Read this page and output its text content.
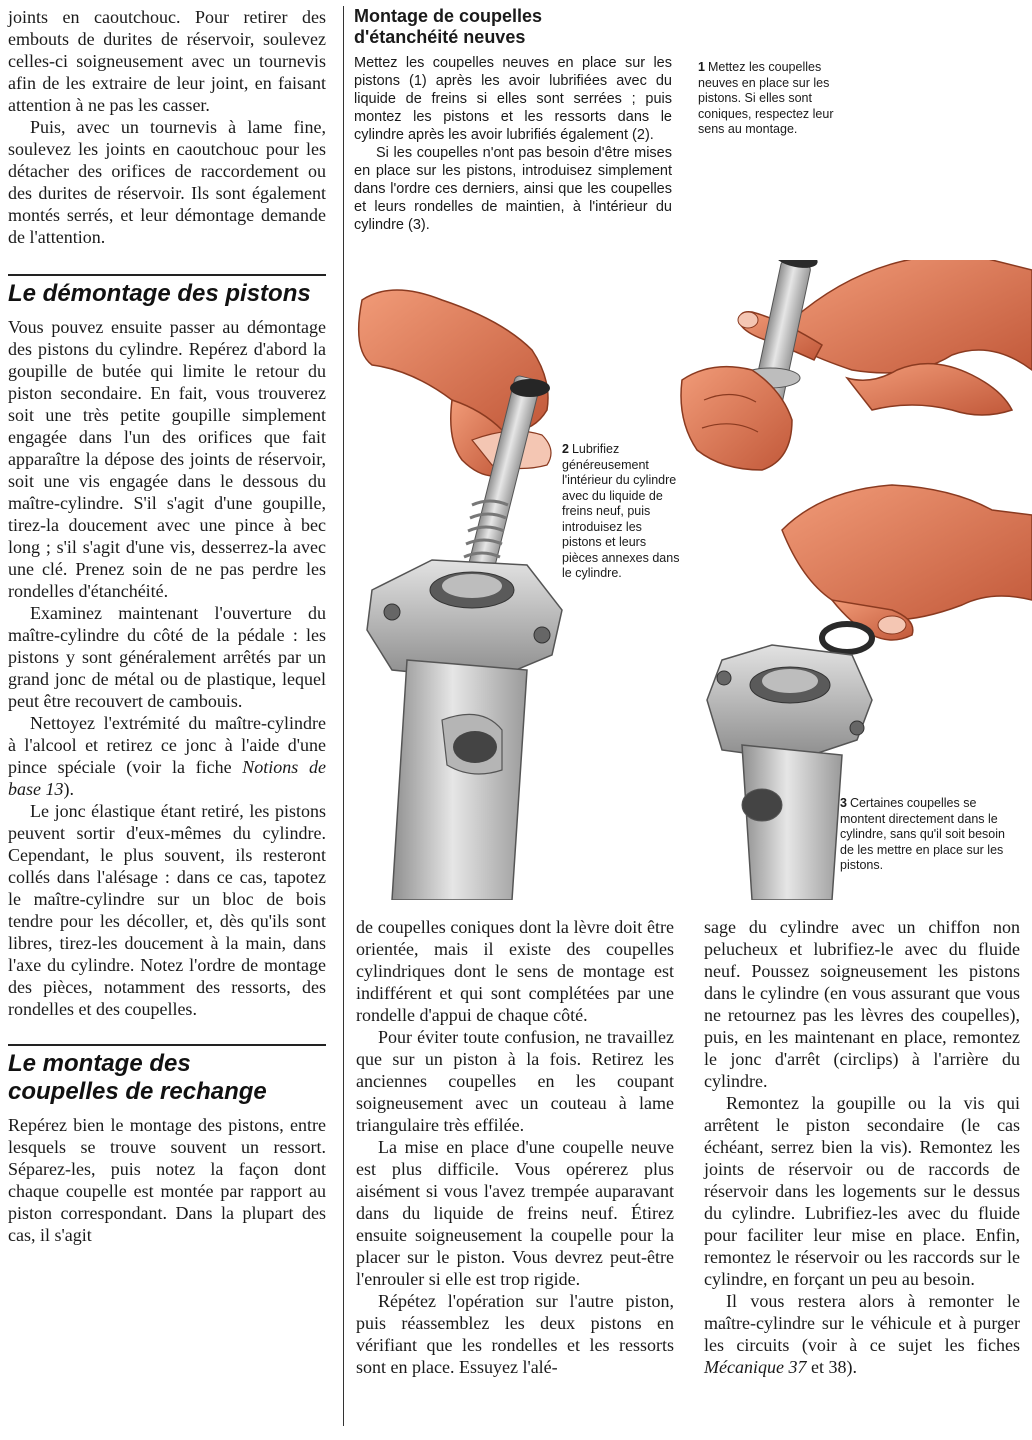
joints en caoutchouc. Pour retirer des embouts de durites de réservoir, soulevez celles-ci soigneusement avec un tournevis afin de les extraire de leur joint, en faisant attention à ne pas les casser.

Puis, avec un tournevis à lame fine, soulevez les joints en caoutchouc pour les détacher des orifices de raccordement ou des durites de réservoir. Ils sont également montés serrés, et leur démontage demande de l'attention.

Le démontage des pistons

Vous pouvez ensuite passer au démontage des pistons du cylindre. Repérez d'abord la goupille de butée qui limite le retour du piston secondaire. En fait, vous trouverez soit une très petite goupille simplement engagée dans l'un des orifices que fait apparaître la dépose des joints de réservoir, soit une vis engagée dans le dessous du maître-cylindre. S'il s'agit d'une goupille, tirez-la doucement avec une pince à bec long ; s'il s'agit d'une vis, desserrez-la avec une clé. Prenez soin de ne pas perdre les rondelles d'étanchéité.

Examinez maintenant l'ouverture du maître-cylindre du côté de la pédale : les pistons y sont généralement arrêtés par un grand jonc de métal ou de plastique, lequel peut être recouvert de cambouis.

Nettoyez l'extrémité du maître-cylindre à l'alcool et retirez ce jonc à l'aide d'une pince spéciale (voir la fiche Notions de base 13).

Le jonc élastique étant retiré, les pistons peuvent sortir d'eux-mêmes du cylindre. Cependant, le plus souvent, ils resteront collés dans l'alésage : dans ce cas, tapotez le maître-cylindre sur un bloc de bois tendre pour les décoller, et, dès qu'ils sont libres, tirez-les doucement à la main, dans l'axe du cylindre. Notez l'ordre de montage des pièces, notamment des ressorts, des rondelles et des coupelles.

Le montage des
coupelles de rechange

Repérez bien le montage des pistons, entre lesquels se trouve souvent un ressort. Séparez-les, puis notez la façon dont chaque coupelle est montée par rapport au piston correspondant. Dans la plupart des cas, il s'agit

Montage de coupelles
d'étanchéité neuves

Mettez les coupelles neuves en place sur les pistons (1) après les avoir lubrifiées avec du liquide de freins si elles sont serrées ; puis montez les pistons et les ressorts dans le cylindre après les avoir lubrifiés également (2).

Si les coupelles n'ont pas besoin d'être mises en place sur les pistons, introduisez simplement dans l'ordre ces derniers, ainsi que les coupelles et leurs rondelles de maintien, à l'intérieur du cylindre (3).

1 Mettez les coupelles neuves en place sur les pistons. Si elles sont coniques, respectez leur sens au montage.
2 Lubrifiez généreusement l'intérieur du cylindre avec du liquide de freins neuf, puis introduisez les pistons et leurs pièces annexes dans le cylindre.
3 Certaines coupelles se montent directement dans le cylindre, sans qu'il soit besoin de les mettre en place sur les pistons.

de coupelles coniques dont la lèvre doit être orientée, mais il existe des coupelles cylindriques dont le sens de montage est indifférent et qui sont complétées par une rondelle d'appui de chaque côté.

Pour éviter toute confusion, ne travaillez que sur un piston à la fois. Retirez les anciennes coupelles en les coupant soigneusement avec un couteau à lame triangulaire très effilée.

La mise en place d'une coupelle neuve est plus difficile. Vous opérerez plus aisément si vous l'avez trempée auparavant dans du liquide de freins neuf. Étirez ensuite soigneusement la coupelle pour la placer sur le piston. Vous devrez peut-être l'enrouler si elle est trop rigide.

Répétez l'opération sur l'autre piston, puis réassemblez les deux pistons en vérifiant que les rondelles et les ressorts sont en place. Essuyez l'alé-

sage du cylindre avec un chiffon non pelucheux et lubrifiez-le avec du fluide neuf. Poussez soigneusement les pistons dans le cylindre (en vous assurant que vous ne retournez pas les lèvres des coupelles), puis, en les maintenant en place, remontez le jonc d'arrêt (circlips) à l'arrière du cylindre.

Remontez la goupille ou la vis qui arrêtent le piston secondaire (le cas échéant, serrez bien la vis). Remontez les joints de réservoir ou de raccords de réservoir dans les logements sur le dessus du cylindre. Lubrifiez-les avec du fluide pour faciliter leur mise en place. Enfin, remontez le réservoir ou les raccords sur le cylindre, en forçant un peu au besoin.

Il vous restera alors à remonter le maître-cylindre sur le véhicule et à purger les circuits (voir à ce sujet les fiches Mécanique 37 et 38).
